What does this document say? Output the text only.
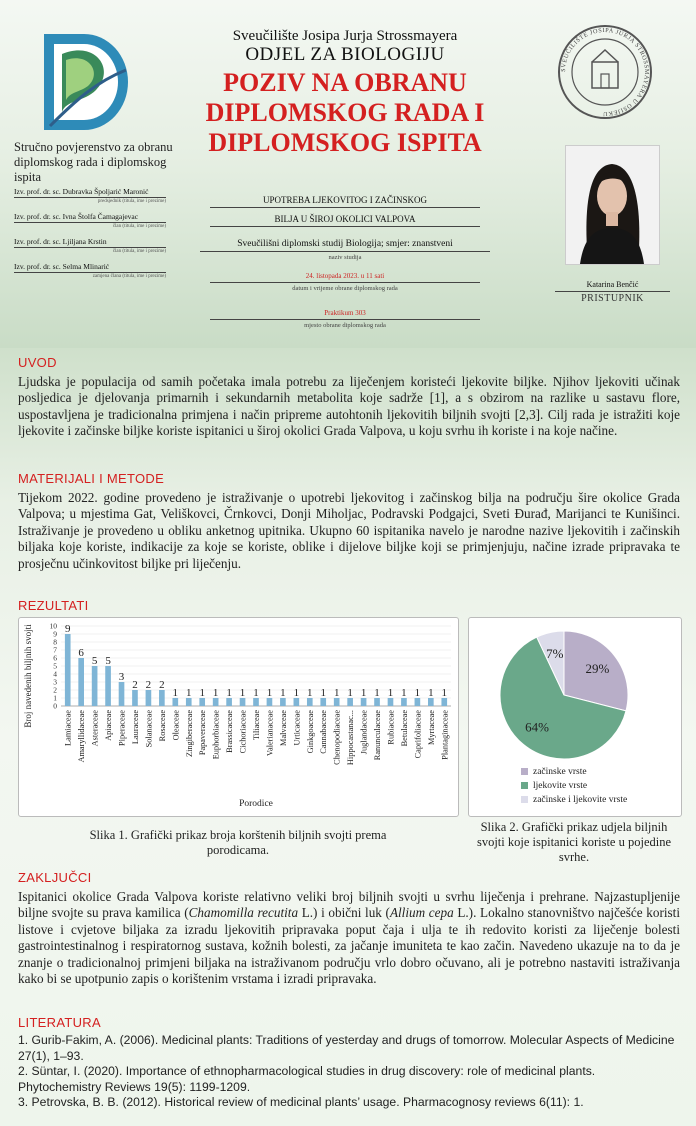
SVEUČILIŠTE JOSIPA JURJA STROSSMAYERA U OSIJEKU
Sveučilište Josipa Jurja Strossmayera
ODJEL ZA BIOLOGIJU
POZIV NA OBRANU
DIPLOMSKOG RADA I
DIPLOMSKOG ISPITA
Stručno povjerenstvo za obranu diplomskog rada i diplomskog ispita
Izv. prof. dr. sc. Dubravka Špoljarić Maronić
predsjednik (titula, ime i prezime)
Izv. prof. dr. sc. Ivna Štolfa Čamagajevac
član (titula, ime i prezime)
Izv. prof. dr. sc. Ljiljana Krstin
član (titula, ime i prezime)
Izv. prof. dr. sc. Selma Mlinarić
zamjena člana (titula, ime i prezime)
UPOTREBA LJEKOVITOG I ZAČINSKOG
BILJA U ŠIROJ OKOLICI VALPOVA
Sveučilišni diplomski studij Biologija; smjer: znanstveni
naziv studija
24. listopada 2023. u 11 sati
datum i vrijeme obrane diplomskog rada
Praktikum 303
mjesto obrane diplomskog rada
Katarina Benčić
PRISTUPNIK
UVOD
Ljudska je populacija od samih početaka imala potrebu za liječenjem koristeći ljekovite biljke. Njihov ljekoviti učinak posljedica je djelovanja primarnih i sekundarnih metabolita koje sadrže [1], a s obzirom na razlike u sastavu flore, uspostavljena je tradicionalna primjena i način pripreme autohtonih ljekovitih biljnih svojti [2,3]. Cilj rada je istražiti koje ljekovite i začinske biljke koriste ispitanici u široj okolici Grada Valpova, u koju svrhu ih koriste i na koje načine.
MATERIJALI I METODE
Tijekom 2022. godine provedeno je istraživanje o upotrebi ljekovitog i začinskog bilja na području šire okolice Grada Valpova; u mjestima Gat, Veliškovci, Črnkovci, Donji Miholjac, Podravski Podgajci, Sveti Đurađ, Marijanci te Kunišinci. Istraživanje je provedeno u obliku anketnog upitnika. Ukupno 60 ispitanika navelo je narodne nazive ljekovitih i začinskih biljaka koje koriste, indikacije za koje se koriste, oblike i dijelove biljke koji se primjenjuju, načine izrade pripravaka te prosječnu učinkovitost biljke pri liječenju.
REZULTATI
0
1
2
3
4
5
6
7
8
9
10
Broj navedenih biljnih svojti	9
Lamiaceae
6
Amaryllidaceae
5
Asteraceae
5
Apiaceae
3
Piperaceae
2
Lauraceae
2
Solanaceae
2
Rosaceae
1
Oleaceae
1
Zingiberaceae
1
Papaveraceae
1
Euphorbiaceae
1
Brassicaceae
1
Cichoriaceae
1
Tiliaceae
1
Valerianaceae
1
Malvaceae
1
Urticaceae
1
Ginkgoaceae
1
Cannabaceae
1
Chenopodiaceae
1
Hippocastanac...
1
Juglandaceae
1
Ranunculaceae
1
Rubiaceae
1
Betulaceae
1
Caprifoliaceae
1
Myrtaceae
1
Plantaginaceae
Porodice
29%
64%
7%
začinske vrste
ljekovite vrste
začinske i ljekovite vrste
Slika 1. Grafički prikaz broja korštenih biljnih svojti prema porodicama.
Slika 2. Grafički prikaz udjela biljnih svojti koje ispitanici koriste u pojedine svrhe.
ZAKLJUČCI
Ispitanici okolice Grada Valpova koriste relativno veliki broj biljnih svojti u svrhu liječenja i prehrane. Najzastupljenije biljne svojte su prava kamilica (Chamomilla recutita L.) i obični luk (Allium cepa L.). Lokalno stanovništvo najčešće koristi listove i cvjetove biljaka za izradu ljekovitih pripravaka poput čaja i ulja te ih redovito koristi za liječenje bolesti gastrointestinalnog i respiratornog sustava, kožnih bolesti, za jačanje imuniteta te kao začin. Navedeno ukazuje na to da je znanje o tradicionalnoj primjeni biljaka na istraživanom području vrlo dobro očuvano, ali je potrebno nastaviti istraživanja kako bi se upotpunio zapis o korištenim vrstama i izradi pripravaka.
LITERATURA
1. Gurib-Fakim, A. (2006). Medicinal plants: Traditions of yesterday and drugs of tomorrow. Molecular Aspects of Medicine 27(1), 1–93.
2. Süntar, I. (2020). Importance of ethnopharmacological studies in drug discovery: role of medicinal plants. Phytochemistry Reviews 19(5): 1199-1209.
3. Petrovska, B. B. (2012). Historical review of medicinal plants’ usage. Pharmacognosy reviews 6(11): 1.
